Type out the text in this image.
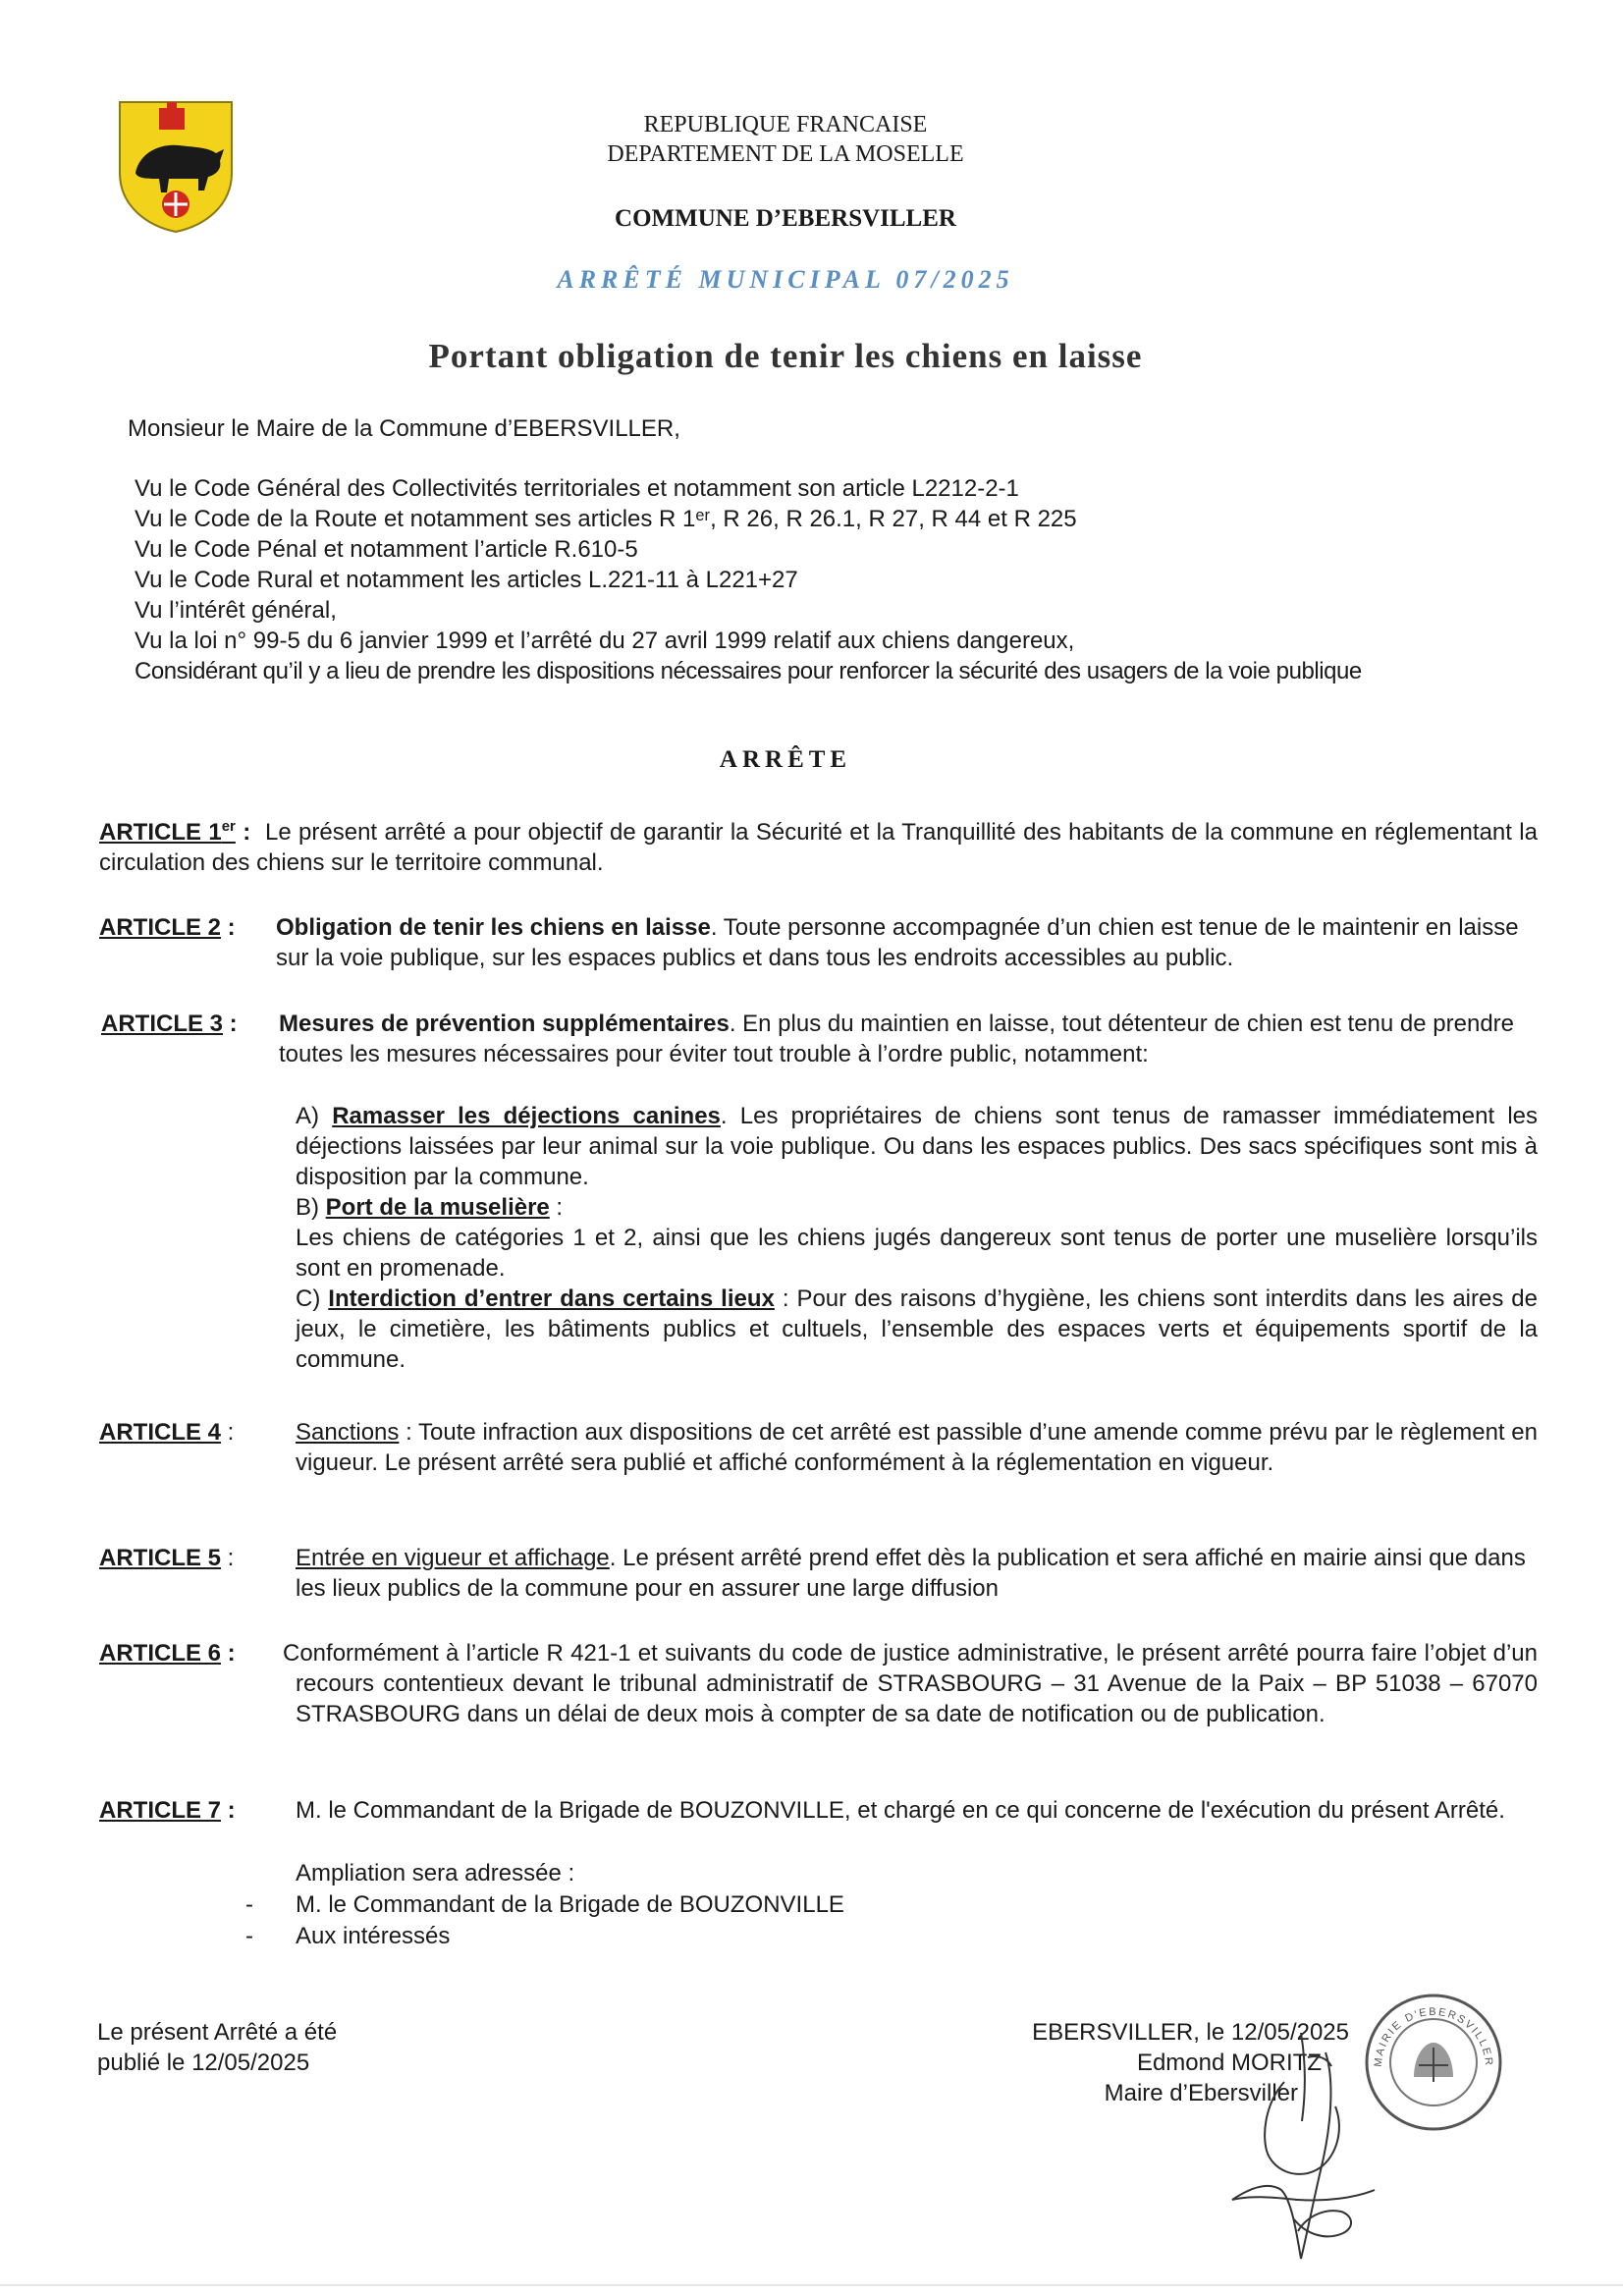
REPUBLIQUE FRANCAISE
DEPARTEMENT DE LA MOSELLE
COMMUNE D’EBERSVILLER
ARRÊTÉ MUNICIPAL 07/2025
Portant obligation de tenir les chiens en laisse
Monsieur le Maire de la Commune d’EBERSVILLER,
Vu le Code Général des Collectivités territoriales et notamment son article L2212-2-1
Vu le Code de la Route et notamment ses articles R 1ᵉʳ, R 26, R 26.1, R 27, R 44 et R 225
Vu le Code Pénal et notamment l’article R.610-5
Vu le Code Rural et notamment les articles L.221-11 à L221+27
Vu l’intérêt général,
Vu la loi n° 99-5 du 6 janvier 1999 et l’arrêté du 27 avril 1999 relatif aux chiens dangereux,
Considérant qu’il y a lieu de prendre les dispositions nécessaires pour renforcer la sécurité des usagers de la voie publique
ARRÊTE
ARTICLE 1er : Le présent arrêté a pour objectif de garantir la Sécurité et la Tranquillité des habitants de la commune en réglementant la circulation des chiens sur le territoire communal.
ARTICLE 2 : Obligation de tenir les chiens en laisse. Toute personne accompagnée d’un chien est tenue de le maintenir en laisse sur la voie publique, sur les espaces publics et dans tous les endroits accessibles au public.
ARTICLE 3 : Mesures de prévention supplémentaires. En plus du maintien en laisse, tout détenteur de chien est tenu de prendre toutes les mesures nécessaires pour éviter tout trouble à l’ordre public, notamment:
A) Ramasser les déjections canines. Les propriétaires de chiens sont tenus de ramasser immédiatement les déjections laissées par leur animal sur la voie publique. Ou dans les espaces publics. Des sacs spécifiques sont mis à disposition par la commune.
B) Port de la muselière :
Les chiens de catégories 1 et 2, ainsi que les chiens jugés dangereux sont tenus de porter une muselière lorsqu’ils sont en promenade.
C) Interdiction d’entrer dans certains lieux : Pour des raisons d’hygiène, les chiens sont interdits dans les aires de jeux, le cimetière, les bâtiments publics et cultuels, l’ensemble des espaces verts et équipements sportif de la commune.
ARTICLE 4 :	Sanctions : Toute infraction aux dispositions de cet arrêté est passible d’une amende comme prévu par le règlement en vigueur. Le présent arrêté sera publié et affiché conformément à la réglementation en vigueur.
ARTICLE 5 :	Entrée en vigueur et affichage. Le présent arrêté prend effet dès la publication et sera affiché en mairie ainsi que dans les lieux publics de la commune pour en assurer une large diffusion
ARTICLE 6 : Conformément à l’article R 421-1 et suivants du code de justice administrative, le présent arrêté pourra faire l’objet d’un recours contentieux devant le tribunal administratif de STRASBOURG – 31 Avenue de la Paix – BP 51038 – 67070 STRASBOURG dans un délai de deux mois à compter de sa date de notification ou de publication.
ARTICLE 7 :	M. le Commandant de la Brigade de BOUZONVILLE, et chargé en ce qui concerne de l'exécution du présent Arrêté.
Ampliation sera adressée :
- M. le Commandant de la Brigade de BOUZONVILLE
- Aux intéressés
Le présent Arrêté a été
publié le 12/05/2025
EBERSVILLER, le 12/05/2025
Edmond MORITZ
Maire d’Ebersviller
MAIRIE D'EBERSVILLER
